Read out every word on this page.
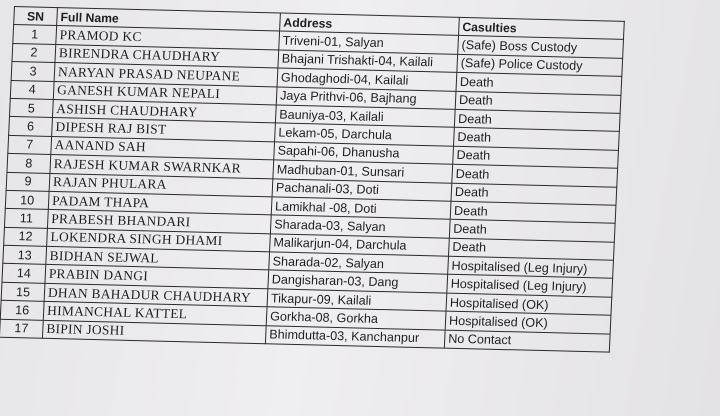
SN	Full Name	Address	Casulties
1	PRAMOD KC	Triveni-01, Salyan	(Safe) Boss Custody
2	BIRENDRA CHAUDHARY	Bhajani Trishakti-04, Kailali	(Safe) Police Custody
3	NARYAN PRASAD NEUPANE	Ghodaghodi-04, Kailali	Death
4	GANESH KUMAR NEPALI	Jaya Prithvi-06, Bajhang	Death
5	ASHISH CHAUDHARY	Bauniya-03, Kailali	Death
6	DIPESH RAJ BIST	Lekam-05, Darchula	Death
7	AANAND SAH	Sapahi-06, Dhanusha	Death
8	RAJESH KUMAR SWARNKAR	Madhuban-01, Sunsari	Death
9	RAJAN PHULARA	Pachanali-03, Doti	Death
10	PADAM THAPA	Lamikhal -08, Doti	Death
11	PRABESH BHANDARI	Sharada-03, Salyan	Death
12	LOKENDRA SINGH DHAMI	Malikarjun-04, Darchula	Death
13	BIDHAN SEJWAL	Sharada-02, Salyan	Hospitalised (Leg Injury)
14	PRABIN DANGI	Dangisharan-03, Dang	Hospitalised (Leg Injury)
15	DHAN BAHADUR CHAUDHARY	Tikapur-09, Kailali	Hospitalised (OK)
16	HIMANCHAL KATTEL	Gorkha-08, Gorkha	Hospitalised (OK)
17	BIPIN JOSHI	Bhimdutta-03, Kanchanpur	No Contact
